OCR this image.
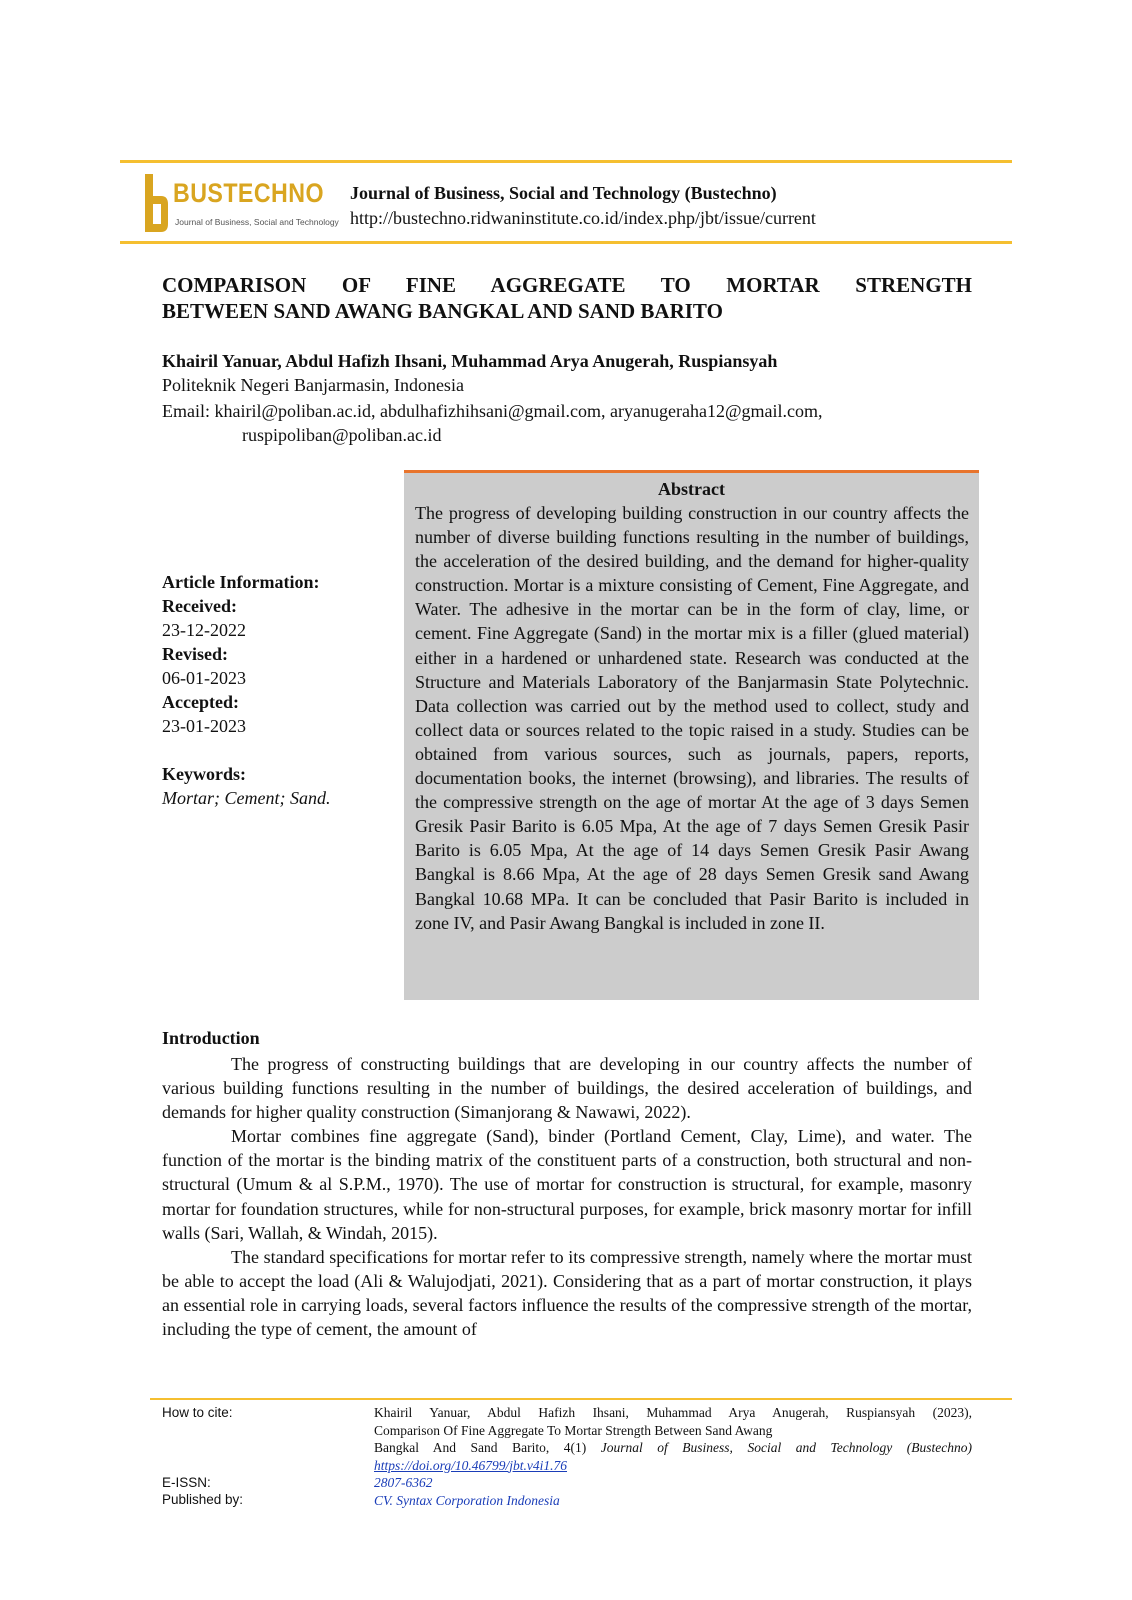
BUSTECHNO
Journal of Business, Social and Technology
Journal of Business, Social and Technology (Bustechno)
http://bustechno.ridwaninstitute.co.id/index.php/jbt/issue/current
COMPARISON OF FINE AGGREGATE TO MORTAR STRENGTH
BETWEEN SAND AWANG BANGKAL AND SAND BARITO
Khairil Yanuar, Abdul Hafizh Ihsani, Muhammad Arya Anugerah, Ruspiansyah
Politeknik Negeri Banjarmasin, Indonesia
Email: khairil@poliban.ac.id, abdulhafizhihsani@gmail.com, aryanugeraha12@gmail.com,
ruspipoliban@poliban.ac.id
Article Information:
Received:
23-12-2022
Revised:
06-01-2023
Accepted:
23-01-2023
Keywords:
Mortar; Cement; Sand.
Abstract
The progress of developing building construction in our country affects the number of diverse building functions resulting in the number of buildings, the acceleration of the desired building, and the demand for higher-quality construction. Mortar is a mixture consisting of Cement, Fine Aggregate, and Water. The adhesive in the mortar can be in the form of clay, lime, or cement. Fine Aggregate (Sand) in the mortar mix is a filler (glued material) either in a hardened or unhardened state. Research was conducted at the Structure and Materials Laboratory of the Banjarmasin State Polytechnic. Data collection was carried out by the method used to collect, study and collect data or sources related to the topic raised in a study. Studies can be obtained from various sources, such as journals, papers, reports, documentation books, the internet (browsing), and libraries. The results of the compressive strength on the age of mortar At the age of 3 days Semen Gresik Pasir Barito is 6.05 Mpa, At the age of 7 days Semen Gresik Pasir Barito is 6.05 Mpa, At the age of 14 days Semen Gresik Pasir Awang Bangkal is 8.66 Mpa, At the age of 28 days Semen Gresik sand Awang Bangkal 10.68 MPa. It can be concluded that Pasir Barito is included in zone IV, and Pasir Awang Bangkal is included in zone II.
Introduction

The progress of constructing buildings that are developing in our country affects the number of various building functions resulting in the number of buildings, the desired acceleration of buildings, and demands for higher quality construction (Simanjorang & Nawawi, 2022).

Mortar combines fine aggregate (Sand), binder (Portland Cement, Clay, Lime), and water. The function of the mortar is the binding matrix of the constituent parts of a construction, both structural and non-structural (Umum & al S.P.M., 1970). The use of mortar for construction is structural, for example, masonry mortar for foundation structures, while for non-structural purposes, for example, brick masonry mortar for infill walls (Sari, Wallah, & Windah, 2015).

The standard specifications for mortar refer to its compressive strength, namely where the mortar must be able to accept the load (Ali & Walujodjati, 2021). Considering that as a part of mortar construction, it plays an essential role in carrying loads, several factors influence the results of the compressive strength of the mortar, including the type of cement, the amount of

How to cite:
E-ISSN:
Published by:
Khairil Yanuar, Abdul Hafizh Ihsani, Muhammad Arya Anugerah, Ruspiansyah (2023),
Comparison Of Fine Aggregate To Mortar Strength Between Sand Awang
Bangkal And Sand Barito, 4(1) Journal of Business, Social and Technology (Bustechno)
https://doi.org/10.46799/jbt.v4i1.76
2807-6362
CV. Syntax Corporation Indonesia
